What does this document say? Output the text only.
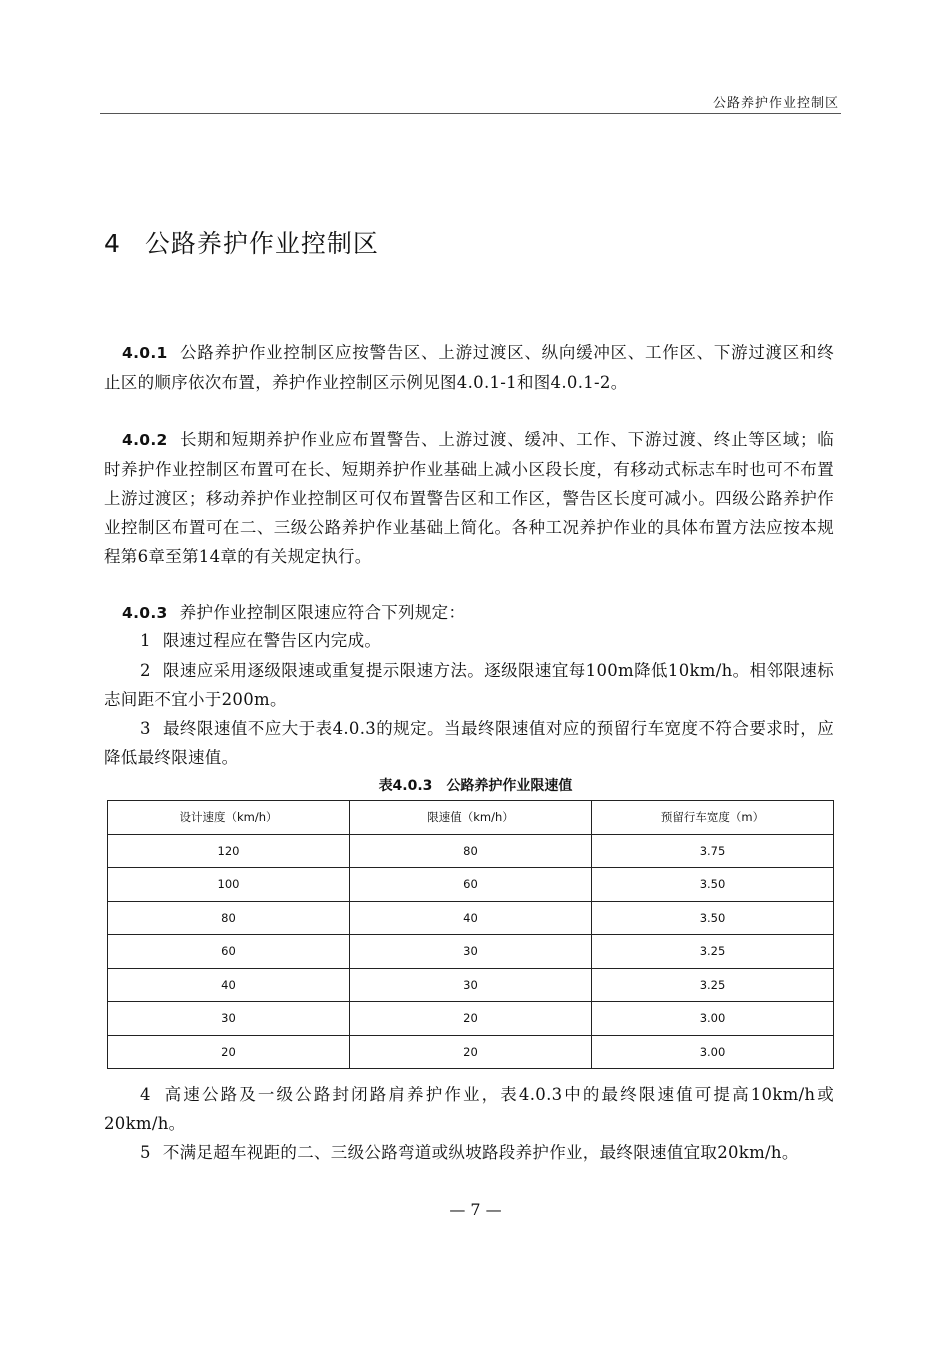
公路养护作业控制区
4 公路养护作业控制区
4.0.1 公路养护作业控制区应按警告区、上游过渡区、纵向缓冲区、工作区、下游过渡区和终止区的顺序依次布置，养护作业控制区示例见图4.0.1-1和图4.0.1-2。
4.0.2 长期和短期养护作业应布置警告、上游过渡、缓冲、工作、下游过渡、终止等区域；临时养护作业控制区布置可在长、短期养护作业基础上减小区段长度，有移动式标志车时也可不布置上游过渡区；移动养护作业控制区可仅布置警告区和工作区，警告区长度可减小。四级公路养护作业控制区布置可在二、三级公路养护作业基础上简化。各种工况养护作业的具体布置方法应按本规程第6章至第14章的有关规定执行。
4.0.3 养护作业控制区限速应符合下列规定：
1 限速过程应在警告区内完成。
2 限速应采用逐级限速或重复提示限速方法。逐级限速宜每100m降低10km/h。相邻限速标志间距不宜小于200m。
3 最终限速值不应大于表4.0.3的规定。当最终限速值对应的预留行车宽度不符合要求时，应降低最终限速值。
表4.0.3 公路养护作业限速值
设计速度（km/h）	限速值（km/h）	预留行车宽度（m）
120	80	3.75
100	60	3.50
80	40	3.50
60	30	3.25
40	30	3.25
30	20	3.00
20	20	3.00
4 高速公路及一级公路封闭路肩养护作业，表4.0.3中的最终限速值可提高10km/h或20km/h。
5 不满足超车视距的二、三级公路弯道或纵坡路段养护作业，最终限速值宜取20km/h。
— 7 —
